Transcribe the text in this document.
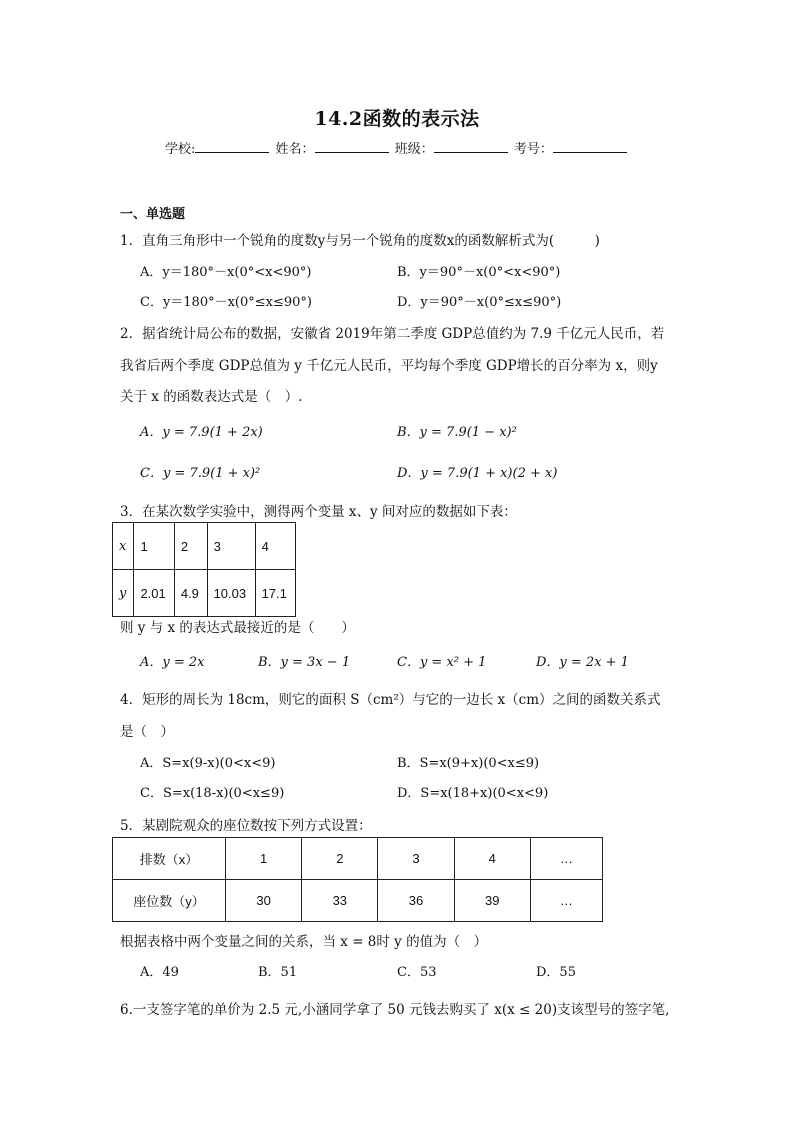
14.2函数的表示法
学校:	姓名：	班级：	考号：
一、单选题
1．直角三角形中一个锐角的度数y与另一个锐角的度数x的函数解析式为(　　　)
A．y＝180°－x(0°<x<90°)	B．y＝90°－x(0°<x<90°)
C．y＝180°－x(0°≤x≤90°)	D．y＝90°－x(0°≤x≤90°)
2．据省统计局公布的数据，安徽省 2019年第二季度 GDP总值约为 7.9 千亿元人民币，若
我省后两个季度 GDP总值为 y 千亿元人民币，平均每个季度 GDP增长的百分率为 x，则y
关于 x 的函数表达式是（　）.
A．y = 7.9(1 + 2x)	B．y = 7.9(1 − x)²
C．y = 7.9(1 + x)²	D．y = 7.9(1 + x)(2 + x)
3．在某次数学实验中，测得两个变量 x、y 间对应的数据如下表：
x	1	2	3	4
y	2.01	4.9	10.03	17.1
则 y 与 x 的表达式最接近的是（　　）
A．y = 2x	B．y = 3x − 1	C．y = x² + 1	D．y = 2x + 1
4．矩形的周长为 18cm，则它的面积 S（cm²）与它的一边长 x（cm）之间的函数关系式
是（　）
A．S=x(9-x)(0<x<9)	B．S=x(9+x)(0<x≤9)
C．S=x(18-x)(0<x≤9)	D．S=x(18+x)(0<x<9)
5．某剧院观众的座位数按下列方式设置：
排数（x）	1	2	3	4	…
座位数（y）	30	33	36	39	…
根据表格中两个变量之间的关系，当 x = 8时 y 的值为（　）
A．49	B．51	C．53	D．55
6.一支签字笔的单价为 2.5 元,小涵同学拿了 50 元钱去购买了 x(x ≤ 20)支该型号的签字笔,
